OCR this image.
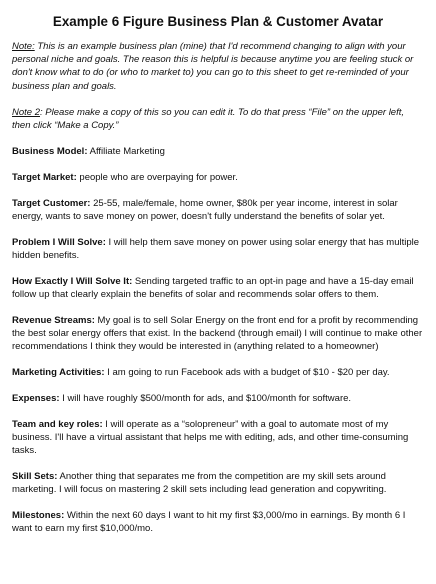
Example 6 Figure Business Plan & Customer Avatar
Note: This is an example business plan (mine) that I'd recommend changing to align with your personal niche and goals. The reason this is helpful is because anytime you are feeling stuck or don't know what to do (or who to market to) you can go to this sheet to get re-reminded of your business plan and goals.
Note 2: Please make a copy of this so you can edit it. To do that press “File” on the upper left, then click “Make a Copy.”
Business Model: Affiliate Marketing
Target Market: people who are overpaying for power.
Target Customer: 25-55, male/female, home owner, $80k per year income, interest in solar energy, wants to save money on power, doesn't fully understand the benefits of solar yet.
Problem I Will Solve: I will help them save money on power using solar energy that has multiple hidden benefits.
How Exactly I Will Solve It: Sending targeted traffic to an opt-in page and have a 15-day email follow up that clearly explain the benefits of solar and recommends solar offers to them.
Revenue Streams: My goal is to sell Solar Energy on the front end for a profit by recommending the best solar energy offers that exist. In the backend (through email) I will continue to make other recommendations I think they would be interested in (anything related to a homeowner)
Marketing Activities: I am going to run Facebook ads with a budget of $10 - $20 per day.
Expenses: I will have roughly $500/month for ads, and $100/month for software.
Team and key roles: I will operate as a “solopreneur” with a goal to automate most of my business. I'll have a virtual assistant that helps me with editing, ads, and other time-consuming tasks.
Skill Sets: Another thing that separates me from the competition are my skill sets around marketing. I will focus on mastering 2 skill sets including lead generation and copywriting.
Milestones: Within the next 60 days I want to hit my first $3,000/mo in earnings. By month 6 I want to earn my first $10,000/mo.
